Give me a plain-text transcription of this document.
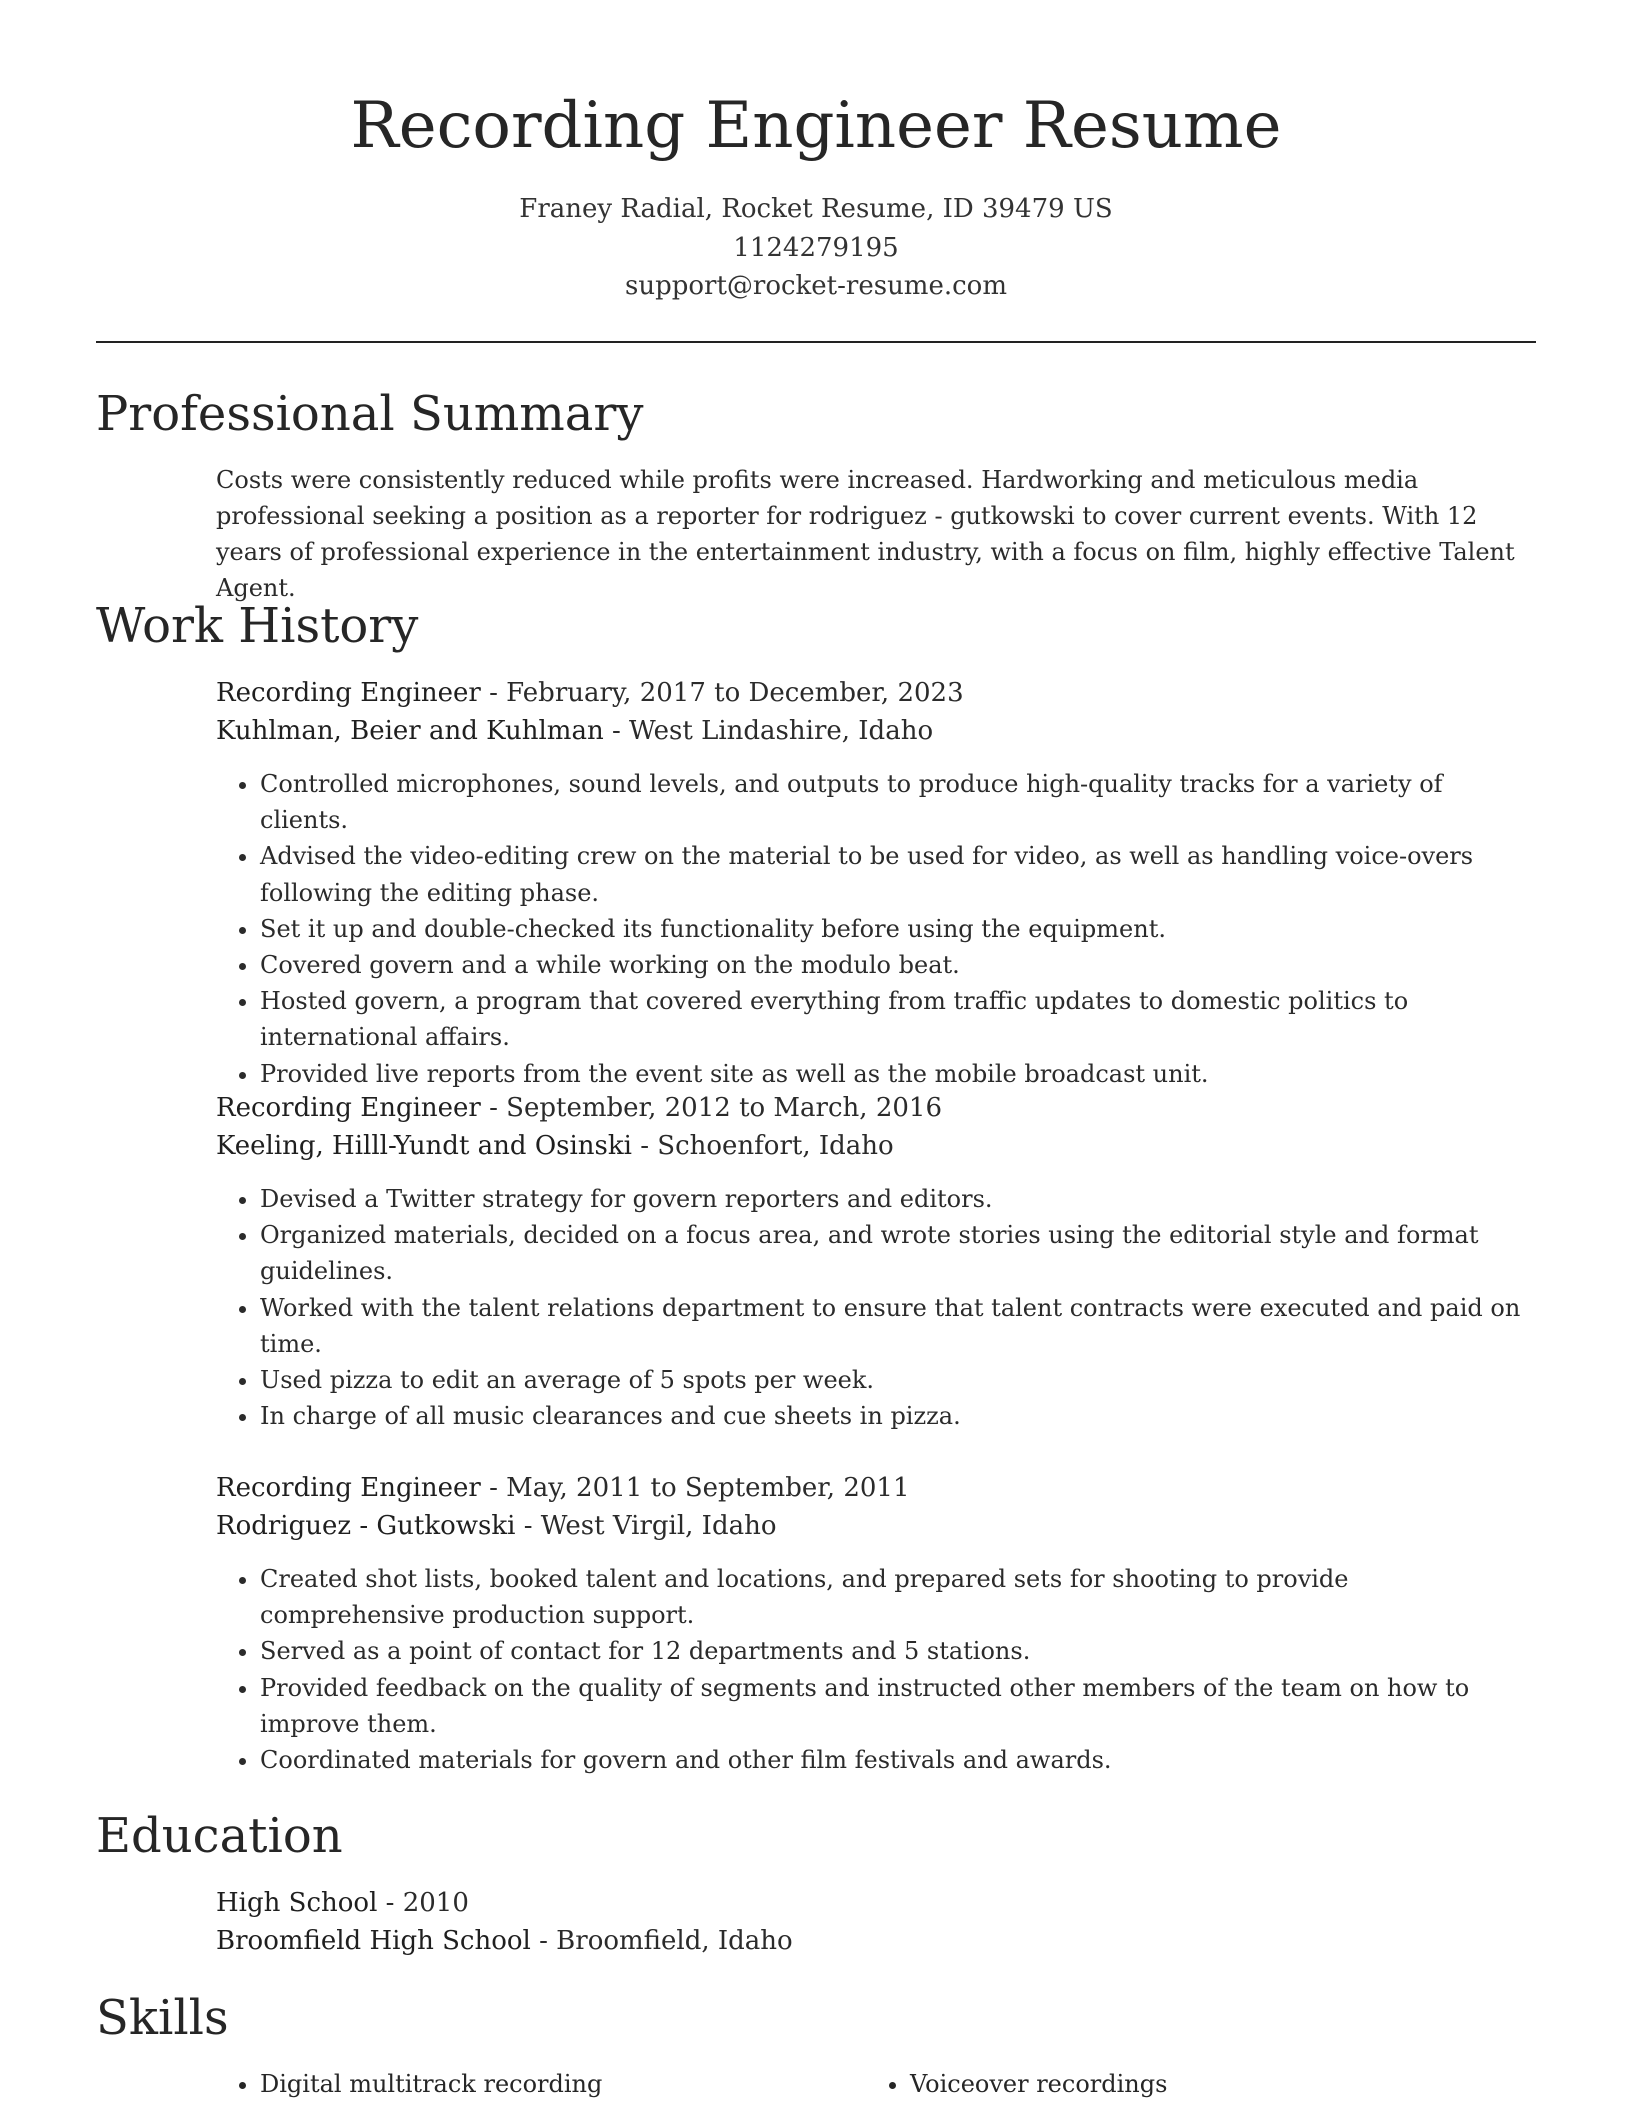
Recording Engineer Resume
Franey Radial, Rocket Resume, ID 39479 US
1124279195
support@rocket-resume.com
Professional Summary

Costs were consistently reduced while profits were increased. Hardworking and meticulous media professional seeking a position as a reporter for rodriguez - gutkowski to cover current events. With 12 years of professional experience in the entertainment industry, with a focus on film, highly effective Talent Agent.

Work History
Recording Engineer - February, 2017 to December, 2023
Kuhlman, Beier and Kuhlman - West Lindashire, Idaho
• Controlled microphones, sound levels, and outputs to produce high-quality tracks for a variety of clients.
• Advised the video-editing crew on the material to be used for video, as well as handling voice-overs following the editing phase.
• Set it up and double-checked its functionality before using the equipment.
• Covered govern and a while working on the modulo beat.
• Hosted govern, a program that covered everything from traffic updates to domestic politics to international affairs.
• Provided live reports from the event site as well as the mobile broadcast unit.
Recording Engineer - September, 2012 to March, 2016
Keeling, Hilll-Yundt and Osinski - Schoenfort, Idaho
• Devised a Twitter strategy for govern reporters and editors.
• Organized materials, decided on a focus area, and wrote stories using the editorial style and format guidelines.
• Worked with the talent relations department to ensure that talent contracts were executed and paid on time.
• Used pizza to edit an average of 5 spots per week.
• In charge of all music clearances and cue sheets in pizza.
Recording Engineer - May, 2011 to September, 2011
Rodriguez - Gutkowski - West Virgil, Idaho
• Created shot lists, booked talent and locations, and prepared sets for shooting to provide comprehensive production support.
• Served as a point of contact for 12 departments and 5 stations.
• Provided feedback on the quality of segments and instructed other members of the team on how to improve them.
• Coordinated materials for govern and other film festivals and awards.
Education
High School - 2010
Broomfield High School - Broomfield, Idaho
Skills
• Digital multitrack recording
•	Voiceover recordings
